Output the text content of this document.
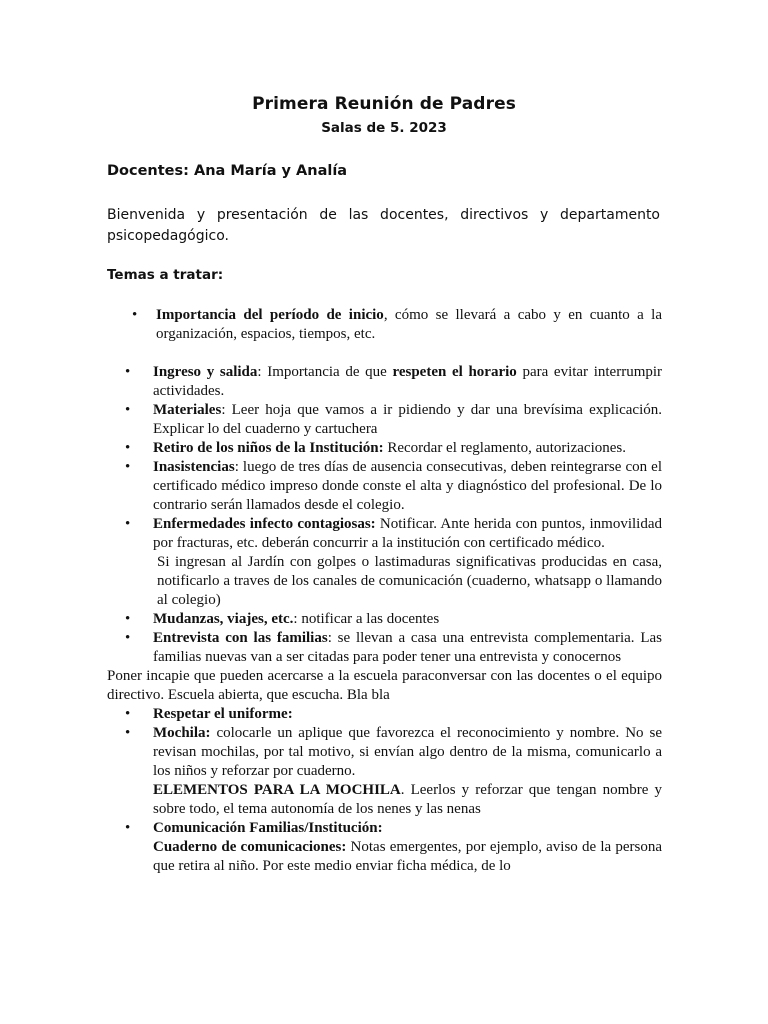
Primera Reunión de Padres
Salas de 5. 2023
Docentes: Ana María y Analía
Bienvenida y presentación de las docentes, directivos y departamento psicopedagógico.
Temas a tratar:
• Importancia del período de inicio, cómo se llevará a cabo y en cuanto a la organización, espacios, tiempos, etc.
• Ingreso y salida: Importancia de que respeten el horario para evitar interrumpir actividades.
• Materiales: Leer hoja que vamos a ir pidiendo y dar una brevísima explicación. Explicar lo del cuaderno y cartuchera
• Retiro de los niños de la Institución: Recordar el reglamento, autorizaciones.
• Inasistencias: luego de tres días de ausencia consecutivas, deben reintegrarse con el certificado médico impreso donde conste el alta y diagnóstico del profesional. De lo contrario serán llamados desde el colegio.
• Enfermedades infecto contagiosas: Notificar. Ante herida con puntos, inmovilidad por fracturas, etc. deberán concurrir a la institución con certificado médico.
Si ingresan al Jardín con golpes o lastimaduras significativas producidas en casa, notificarlo a traves de los canales de comunicación (cuaderno, whatsapp o llamando al colegio)
• Mudanzas, viajes, etc.: notificar a las docentes
• Entrevista con las familias: se llevan a casa una entrevista complementaria. Las familias nuevas van a ser citadas para poder tener una entrevista y conocernos
Poner incapie que pueden acercarse a la escuela paraconversar con las docentes o el equipo directivo. Escuela abierta, que escucha. Bla bla
• Respetar el uniforme:
• Mochila: colocarle un aplique que favorezca el reconocimiento y nombre. No se revisan mochilas, por tal motivo, si envían algo dentro de la misma, comunicarlo a los niños y reforzar por cuaderno.
ELEMENTOS PARA LA MOCHILA. Leerlos y reforzar que tengan nombre y sobre todo, el tema autonomía de los nenes y las nenas
• Comunicación Familias/Institución:
Cuaderno de comunicaciones: Notas emergentes, por ejemplo, aviso de la persona que retira al niño. Por este medio enviar ficha médica, de lo
